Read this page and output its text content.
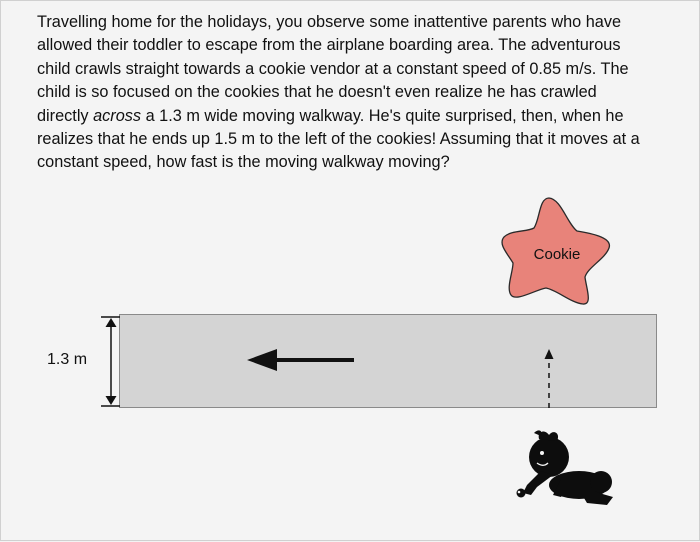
Travelling home for the holidays, you observe some inattentive parents who have
allowed their toddler to escape from the airplane boarding area. The adventurous
child crawls straight towards a cookie vendor at a constant speed of 0.85 m/s. The
child is so focused on the cookies that he doesn't even realize he has crawled
directly across a 1.3 m wide moving walkway. He's quite surprised, then, when he
realizes that he ends up 1.5 m to the left of the cookies! Assuming that it moves at a
constant speed, how fast is the moving walkway moving?
1.3 m
Cookie
